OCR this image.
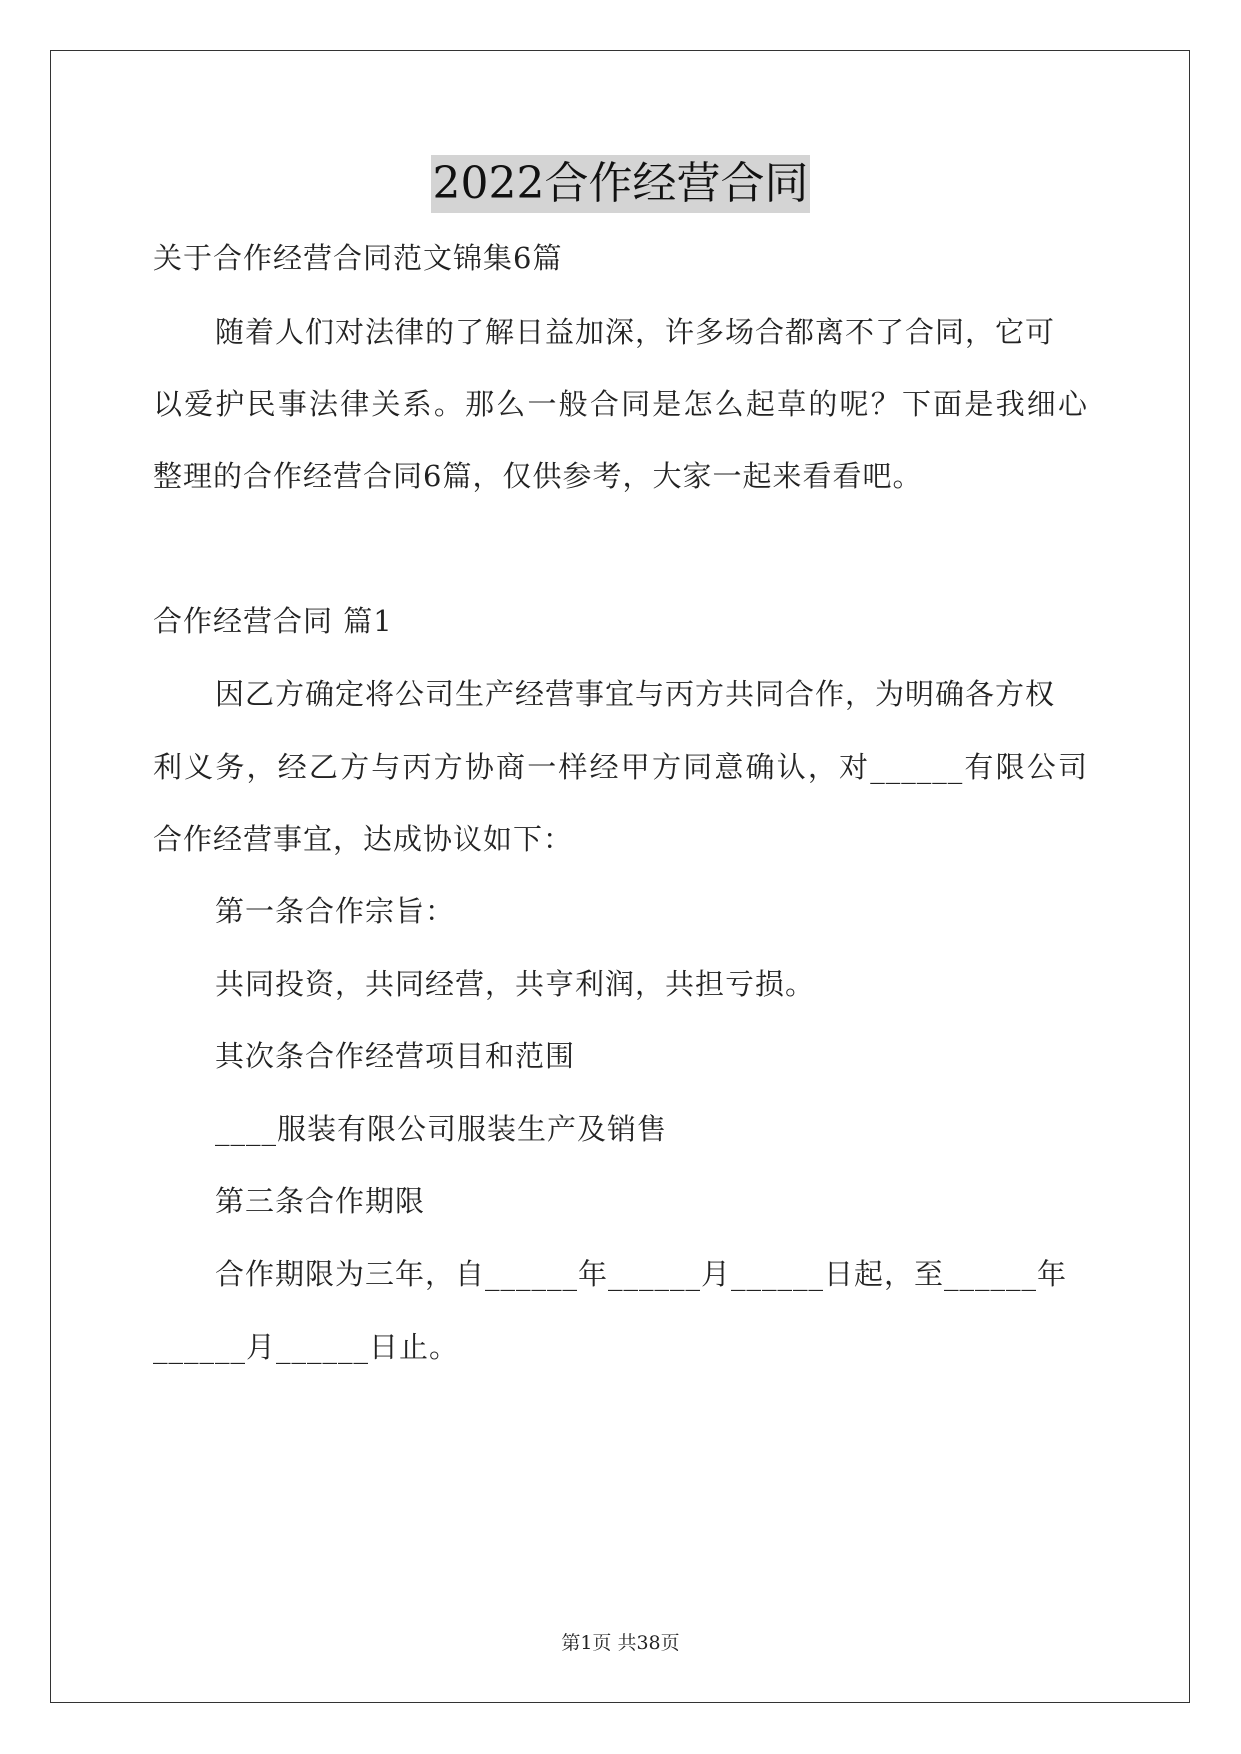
2022合作经营合同
关于合作经营合同范文锦集6篇
随着人们对法律的了解日益加深，许多场合都离不了合同，它可
以爱护民事法律关系。那么一般合同是怎么起草的呢？下面是我细心
整理的合作经营合同6篇，仅供参考，大家一起来看看吧。
合作经营合同 篇1
因乙方确定将公司生产经营事宜与丙方共同合作，为明确各方权
利义务，经乙方与丙方协商一样经甲方同意确认，对______有限公司
合作经营事宜，达成协议如下：
第一条合作宗旨：
共同投资，共同经营，共亨利润，共担亏损。
其次条合作经营项目和范围
____服装有限公司服装生产及销售
第三条合作期限
合作期限为三年，自______年______月______日起，至______年
______月______日止。
第1页 共38页
